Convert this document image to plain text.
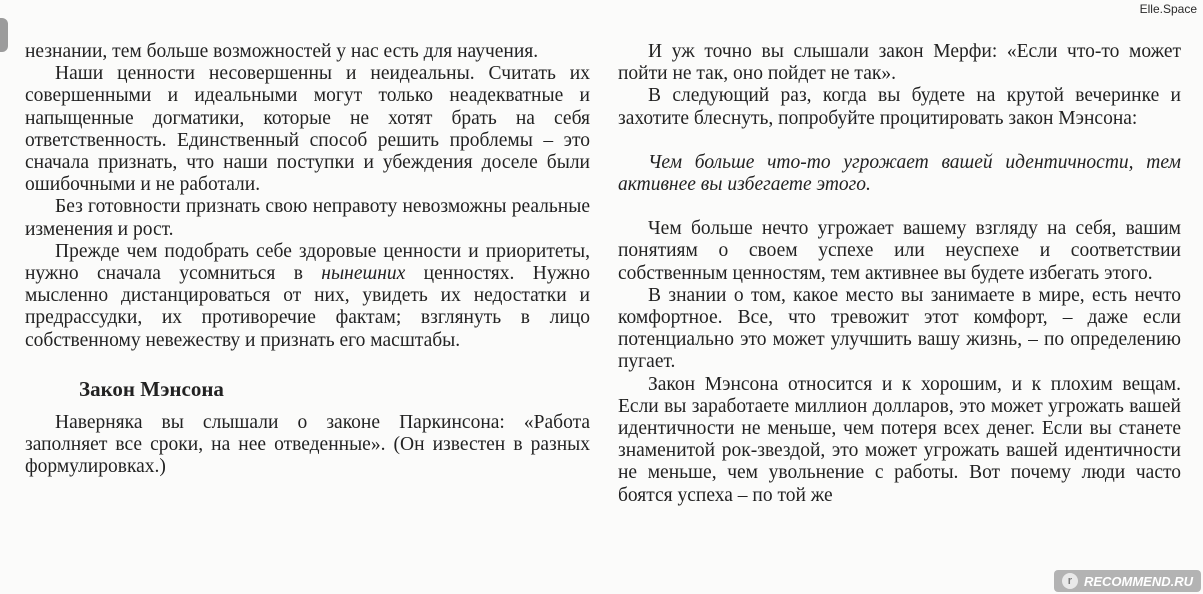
Elle.Space

незнании, тем больше возможностей у нас есть для научения.

Наши ценности несовершенны и неидеальны. Считать их совершенными и идеальными могут только неадекватные и напыщенные догматики, которые не хотят брать на себя ответственность. Единственный способ решить проблемы – это сначала признать, что наши поступки и убеждения доселе были ошибочными и не работали.

Без готовности признать свою неправоту невозможны реальные изменения и рост.

Прежде чем подобрать себе здоровые ценности и приоритеты, нужно сначала усомниться в нынешних ценностях. Нужно мысленно дистанцироваться от них, увидеть их недостатки и предрассудки, их противоречие фактам; взглянуть в лицо собственному невежеству и признать его масштабы.

Закон Мэнсона

Наверняка вы слышали о законе Паркинсона: «Работа заполняет все сроки, на нее отведенные». (Он известен в разных формулировках.)

И уж точно вы слышали закон Мерфи: «Если что-то может пойти не так, оно пойдет не так».

В следующий раз, когда вы будете на крутой вечеринке и захотите блеснуть, попробуйте процитировать закон Мэнсона:

Чем больше что-то угрожает вашей идентичности, тем активнее вы избегаете этого.

Чем больше нечто угрожает вашему взгляду на себя, вашим понятиям о своем успехе или неуспехе и соответствии собственным ценностям, тем активнее вы будете избегать этого.

В знании о том, какое место вы занимаете в мире, есть нечто комфортное. Все, что тревожит этот комфорт, – даже если потенциально это может улучшить вашу жизнь, – по определению пугает.

Закон Мэнсона относится и к хорошим, и к плохим вещам. Если вы заработаете миллион долларов, это может угрожать вашей идентичности не меньше, чем потеря всех денег. Если вы станете знаменитой рок-звездой, это может угрожать вашей идентичности не меньше, чем увольнение с работы. Вот почему люди часто боятся успеха – по той же

r RECOMMEND.RU
